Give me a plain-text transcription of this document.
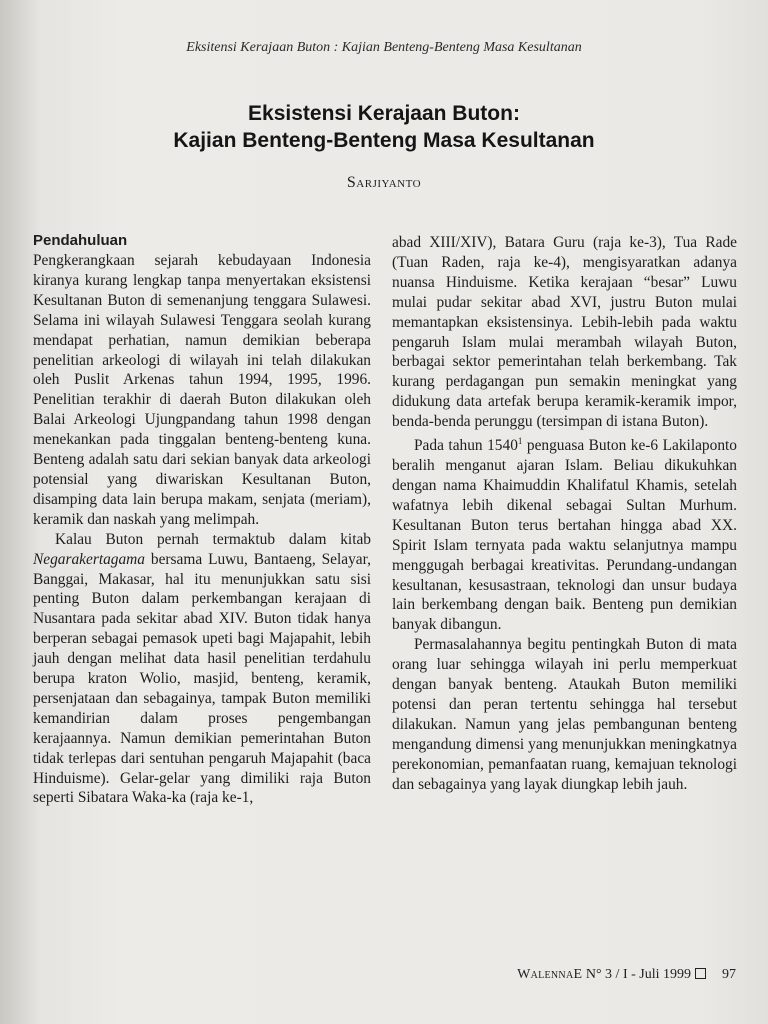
Eksitensi Kerajaan Buton : Kajian Benteng-Benteng Masa Kesultanan
Eksistensi Kerajaan Buton:
Kajian Benteng-Benteng Masa Kesultanan
Sarjiyanto
Pendahuluan

Pengkerangkaan sejarah kebudayaan Indonesia kiranya kurang lengkap tanpa menyertakan eksistensi Kesultanan Buton di semenanjung tenggara Sulawesi. Selama ini wilayah Sulawesi Tenggara seolah kurang mendapat perhatian, namun demikian beberapa penelitian arkeologi di wilayah ini telah dilakukan oleh Puslit Arkenas tahun 1994, 1995, 1996. Penelitian terakhir di daerah Buton dilakukan oleh Balai Arkeologi Ujungpandang tahun 1998 dengan menekankan pada tinggalan benteng-benteng kuna. Benteng adalah satu dari sekian banyak data arkeologi potensial yang diwariskan Kesultanan Buton, disamping data lain berupa makam, senjata (meriam), keramik dan naskah yang melimpah.

Kalau Buton pernah termaktub dalam kitab Negarakertagama bersama Luwu, Bantaeng, Selayar, Banggai, Makasar, hal itu menunjukkan satu sisi penting Buton dalam perkembangan kerajaan di Nusantara pada sekitar abad XIV. Buton tidak hanya berperan sebagai pemasok upeti bagi Majapahit, lebih jauh dengan melihat data hasil penelitian terdahulu berupa kraton Wolio, masjid, benteng, keramik, persenjataan dan sebagainya, tampak Buton memiliki kemandirian dalam proses pengembangan kerajaannya. Namun demikian pemerintahan Buton tidak terlepas dari sentuhan pengaruh Majapahit (baca Hinduisme). Gelar-gelar yang dimiliki raja Buton seperti Sibatara Waka-ka (raja ke-1,

abad XIII/XIV), Batara Guru (raja ke-3), Tua Rade (Tuan Raden, raja ke-4), mengisyaratkan adanya nuansa Hinduisme. Ketika kerajaan “besar” Luwu mulai pudar sekitar abad XVI, justru Buton mulai memantapkan eksistensinya. Lebih-lebih pada waktu pengaruh Islam mulai merambah wilayah Buton, berbagai sektor pemerintahan telah berkembang. Tak kurang perdagangan pun semakin meningkat yang didukung data artefak berupa keramik-keramik impor, benda-benda perunggu (tersimpan di istana Buton).

Pada tahun 1540$^1$ penguasa Buton ke-6 Lakilaponto beralih menganut ajaran Islam. Beliau dikukuhkan dengan nama Khaimuddin Khalifatul Khamis, setelah wafatnya lebih dikenal sebagai Sultan Murhum. Kesultanan Buton terus bertahan hingga abad XX. Spirit Islam ternyata pada waktu selanjutnya mampu menggugah berbagai kreativitas. Perundang-undangan kesultanan, kesusastraan, teknologi dan unsur budaya lain berkembang dengan baik. Benteng pun demikian banyak dibangun.

Permasalahannya begitu pentingkah Buton di mata orang luar sehingga wilayah ini perlu memperkuat dengan banyak benteng. Ataukah Buton memiliki potensi dan peran tertentu sehingga hal tersebut dilakukan. Namun yang jelas pembangunan benteng mengandung dimensi yang menunjukkan meningkatnya perekonomian, pemanfaatan ruang, kemajuan teknologi dan sebagainya yang layak diungkap lebih jauh.

WalennaE N° 3 / I - Juli 1999 97
